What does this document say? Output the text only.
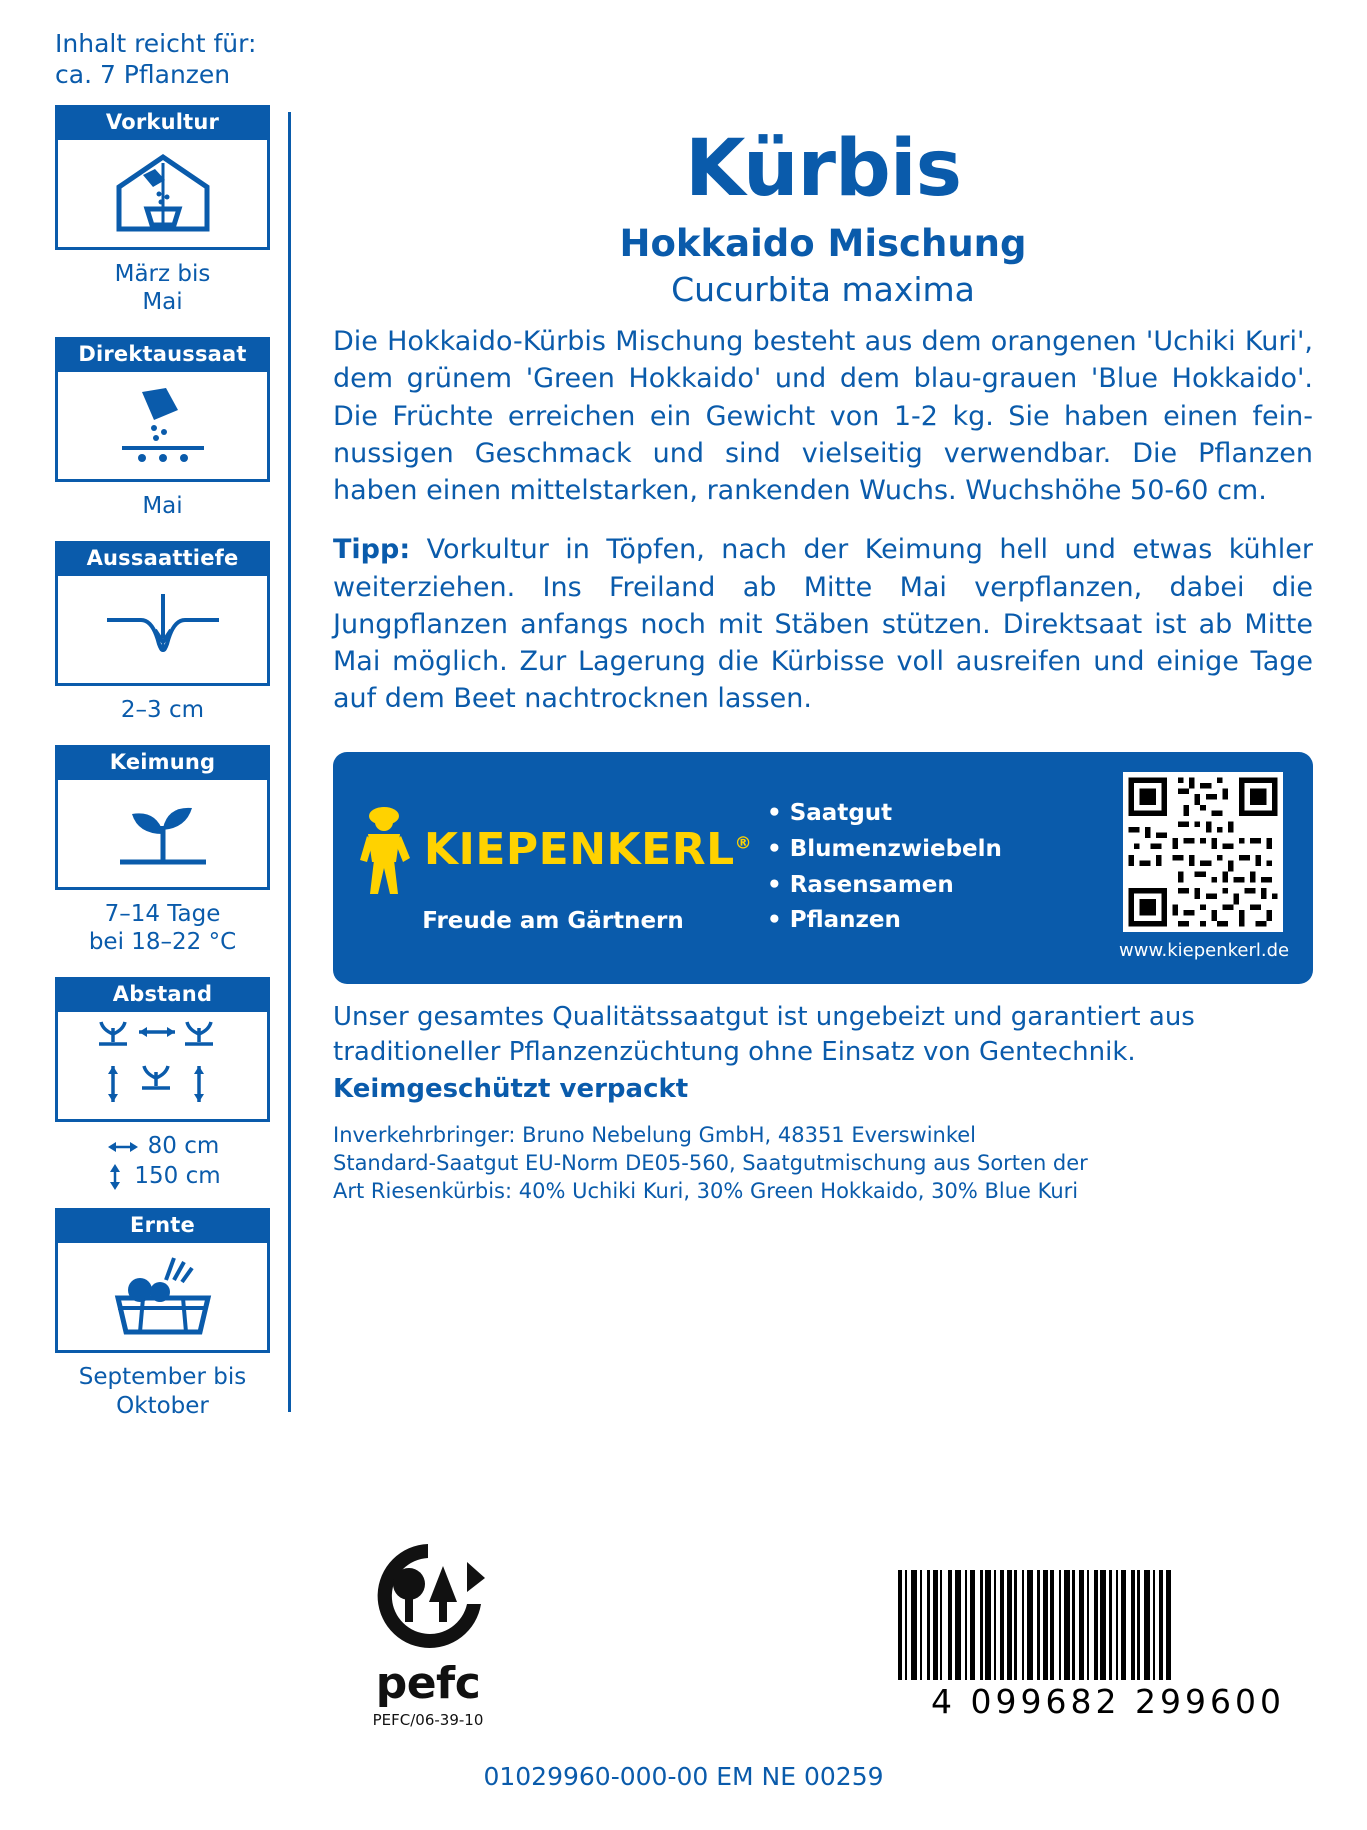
Inhalt reicht für:
ca. 7 Pflanzen
Vorkultur
März bis
Mai
Direktaussaat
Mai
Aussaattiefe
2–3 cm
Keimung
7–14 Tage
bei 18–22 °C
Abstand
80 cm
150 cm
Ernte
September bis
Oktober
Kürbis
Hokkaido Mischung
Cucurbita maxima
Die Hokkaido-Kürbis Mischung besteht aus dem orangenen 'Uchiki Kuri', dem grünem 'Green Hokkaido' und dem blau-grauen 'Blue Hokkaido'. Die Früchte erreichen ein Gewicht von 1-2 kg. Sie haben einen fein-nussigen Geschmack und sind vielseitig verwendbar. Die Pflanzen haben einen mittelstarken, rankenden Wuchs. Wuchshöhe 50-60 cm.
Tipp: Vorkultur in Töpfen, nach der Keimung hell und etwas kühler weiterziehen. Ins Freiland ab Mitte Mai verpflanzen, dabei die Jungpflanzen anfangs noch mit Stäben stützen. Direktsaat ist ab Mitte Mai möglich. Zur Lagerung die Kürbisse voll ausreifen und einige Tage auf dem Beet nachtrocknen lassen.
KIEPENKERL®
Freude am Gärtnern
• Saatgut
• Blumenzwiebeln
• Rasensamen
• Pflanzen
www.kiepenkerl.de
Unser gesamtes Qualitätssaatgut ist ungebeizt und garantiert aus traditioneller Pflanzenzüchtung ohne Einsatz von Gentechnik.
Keimgeschützt verpackt
Inverkehrbringer: Bruno Nebelung GmbH, 48351 Everswinkel
Standard-Saatgut EU-Norm DE05-560, Saatgutmischung aus Sorten der
Art Riesenkürbis: 40% Uchiki Kuri, 30% Green Hokkaido, 30% Blue Kuri
pefc
PEFC/06-39-10	4 099682 299600
01029960-000-00 EM NE 00259
